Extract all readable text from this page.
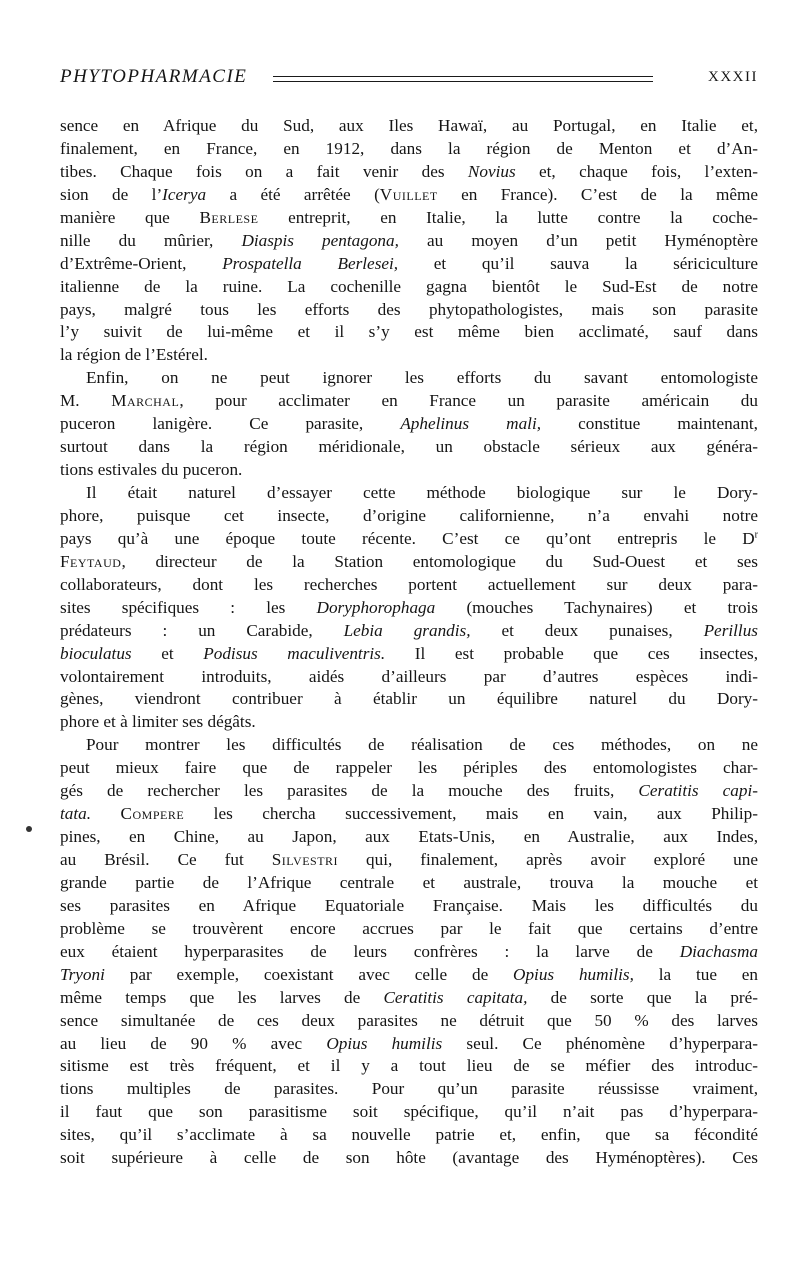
PHYTOPHARMACIE	XXXII
sence en Afrique du Sud, aux Iles Hawaï, au Portugal, en Italie et,
finalement, en France, en 1912, dans la région de Menton et d’An-
tibes. Chaque fois on a fait venir des Novius et, chaque fois, l’exten-
sion de l’Icerya a été arrêtée (Vuillet en France). C’est de la même
manière que Berlese entreprit, en Italie, la lutte contre la coche-
nille du mûrier, Diaspis pentagona, au moyen d’un petit Hyménoptère
d’Extrême-Orient, Prospatella Berlesei, et qu’il sauva la sériciculture
italienne de la ruine. La cochenille gagna bientôt le Sud-Est de notre
pays, malgré tous les efforts des phytopathologistes, mais son parasite
l’y suivit de lui-même et il s’y est même bien acclimaté, sauf dans
la région de l’Estérel.
Enfin, on ne peut ignorer les efforts du savant entomologiste
M. Marchal, pour acclimater en France un parasite américain du
puceron lanigère. Ce parasite, Aphelinus mali, constitue maintenant,
surtout dans la région méridionale, un obstacle sérieux aux généra-
tions estivales du puceron.
Il était naturel d’essayer cette méthode biologique sur le Dory-
phore, puisque cet insecte, d’origine californienne, n’a envahi notre
pays qu’à une époque toute récente. C’est ce qu’ont entrepris le $D^r$
Feytaud, directeur de la Station entomologique du Sud-Ouest et ses
collaborateurs, dont les recherches portent actuellement sur deux para-
sites spécifiques : les Doryphorophaga (mouches Tachynaires) et trois
prédateurs : un Carabide, Lebia grandis, et deux punaises, Perillus
bioculatus et Podisus maculiventris. Il est probable que ces insectes,
volontairement introduits, aidés d’ailleurs par d’autres espèces indi-
gènes, viendront contribuer à établir un équilibre naturel du Dory-
phore et à limiter ses dégâts.
Pour montrer les difficultés de réalisation de ces méthodes, on ne
peut mieux faire que de rappeler les périples des entomologistes char-
gés de rechercher les parasites de la mouche des fruits, Ceratitis capi-
tata. Compere les chercha successivement, mais en vain, aux Philip-
pines, en Chine, au Japon, aux Etats-Unis, en Australie, aux Indes,
au Brésil. Ce fut Silvestri qui, finalement, après avoir exploré une
grande partie de l’Afrique centrale et australe, trouva la mouche et
ses parasites en Afrique Equatoriale Française. Mais les difficultés du
problème se trouvèrent encore accrues par le fait que certains d’entre
eux étaient hyperparasites de leurs confrères : la larve de Diachasma
Tryoni par exemple, coexistant avec celle de Opius humilis, la tue en
même temps que les larves de Ceratitis capitata, de sorte que la pré-
sence simultanée de ces deux parasites ne détruit que 50 % des larves
au lieu de 90 % avec Opius humilis seul. Ce phénomène d’hyperpara-
sitisme est très fréquent, et il y a tout lieu de se méfier des introduc-
tions multiples de parasites. Pour qu’un parasite réussisse vraiment,
il faut que son parasitisme soit spécifique, qu’il n’ait pas d’hyperpara-
sites, qu’il s’acclimate à sa nouvelle patrie et, enfin, que sa fécondité
soit supérieure à celle de son hôte (avantage des Hyménoptères). Ces
